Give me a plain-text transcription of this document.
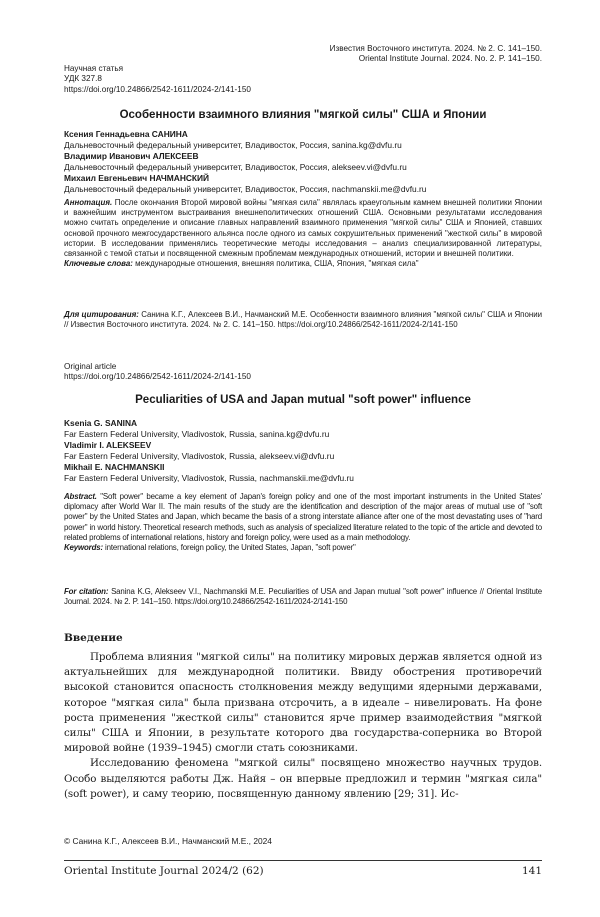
Известия Восточного института. 2024. № 2. С. 141–150.
Oriental Institute Journal. 2024. No. 2. P. 141–150.
Научная статья
УДК 327.8
https://doi.org/10.24866/2542-1611/2024-2/141-150
Особенности взаимного влияния "мягкой силы" США и Японии
Ксения Геннадьевна САНИНА
Дальневосточный федеральный университет, Владивосток, Россия, sanina.kg@dvfu.ru
Владимир Иванович АЛЕКСЕЕВ
Дальневосточный федеральный университет, Владивосток, Россия, alekseev.vi@dvfu.ru
Михаил Евгеньевич НАЧМАНСКИЙ
Дальневосточный федеральный университет, Владивосток, Россия, nachmanskii.me@dvfu.ru

Аннотация. После окончания Второй мировой войны "мягкая сила" являлась краеугольным камнем внешней политики Японии и важнейшим инструментом выстраивания внешнеполитических отношений США. Основными результатами исследования можно считать определение и описание главных направлений взаимного применения "мягкой силы" США и Японией, ставших основой прочного межгосударственного альянса после одного из самых сокрушительных применений "жесткой силы" в мировой истории. В исследовании применялись теоретические методы исследования – анализ специализированной литературы, связанной с темой статьи и посвященной смежным проблемам международных отношений, истории и внешней политики.

Ключевые слова: международные отношения, внешняя политика, США, Япония, "мягкая сила"

Для цитирования: Санина К.Г., Алексеев В.И., Начманский М.Е. Особенности взаимного влияния "мягкой силы" США и Японии // Известия Восточного института. 2024. № 2. С. 141–150. https://doi.org/10.24866/2542-1611/2024-2/141-150

Original article
https://doi.org/10.24866/2542-1611/2024-2/141-150
Peculiarities of USA and Japan mutual "soft power" influence
Ksenia G. SANINA
Far Eastern Federal University, Vladivostok, Russia, sanina.kg@dvfu.ru
Vladimir I. ALEKSEEV
Far Eastern Federal University, Vladivostok, Russia, alekseev.vi@dvfu.ru
Mikhail E. NACHMANSKII
Far Eastern Federal University, Vladivostok, Russia, nachmanskii.me@dvfu.ru

Abstract. "Soft power" became a key element of Japan's foreign policy and one of the most important instruments in the United States' diplomacy after World War II. The main results of the study are the identification and description of the major areas of mutual use of "soft power" by the United States and Japan, which became the basis of a strong interstate alliance after one of the most devastating uses of "hard power" in world history. Theoretical research methods, such as analysis of specialized literature related to the topic of the article and devoted to related problems of international relations, history and foreign policy, were used as a main methodology.

Keywords: international relations, foreign policy, the United States, Japan, "soft power"

For citation: Sanina K.G, Alekseev V.I., Nachmanskii M.E. Peculiarities of USA and Japan mutual "soft power" influence // Oriental Institute Journal. 2024. № 2. P. 141–150. https://doi.org/10.24866/2542-1611/2024-2/141-150

Введение

Проблема влияния "мягкой силы" на политику мировых держав является одной из актуальнейших для международной политики. Ввиду обострения противоречий высокой становится опасность столкновения между ведущими ядерными державами, которое "мягкая сила" была призвана отсрочить, а в идеале – нивелировать. На фоне роста применения "жесткой силы" становится ярче пример взаимодействия "мягкой силы" США и Японии, в результате которого два государства-соперника во Второй мировой войне (1939–1945) смогли стать союзниками.

Исследованию феномена "мягкой силы" посвящено множество научных трудов. Особо выделяются работы Дж. Найя – он впервые предложил и термин "мягкая сила" (soft power), и саму теорию, посвященную данному явлению [29; 31]. Ис-

© Санина К.Г., Алексеев В.И., Начманский М.Е., 2024
Oriental Institute Journal 2024/2 (62)	141
